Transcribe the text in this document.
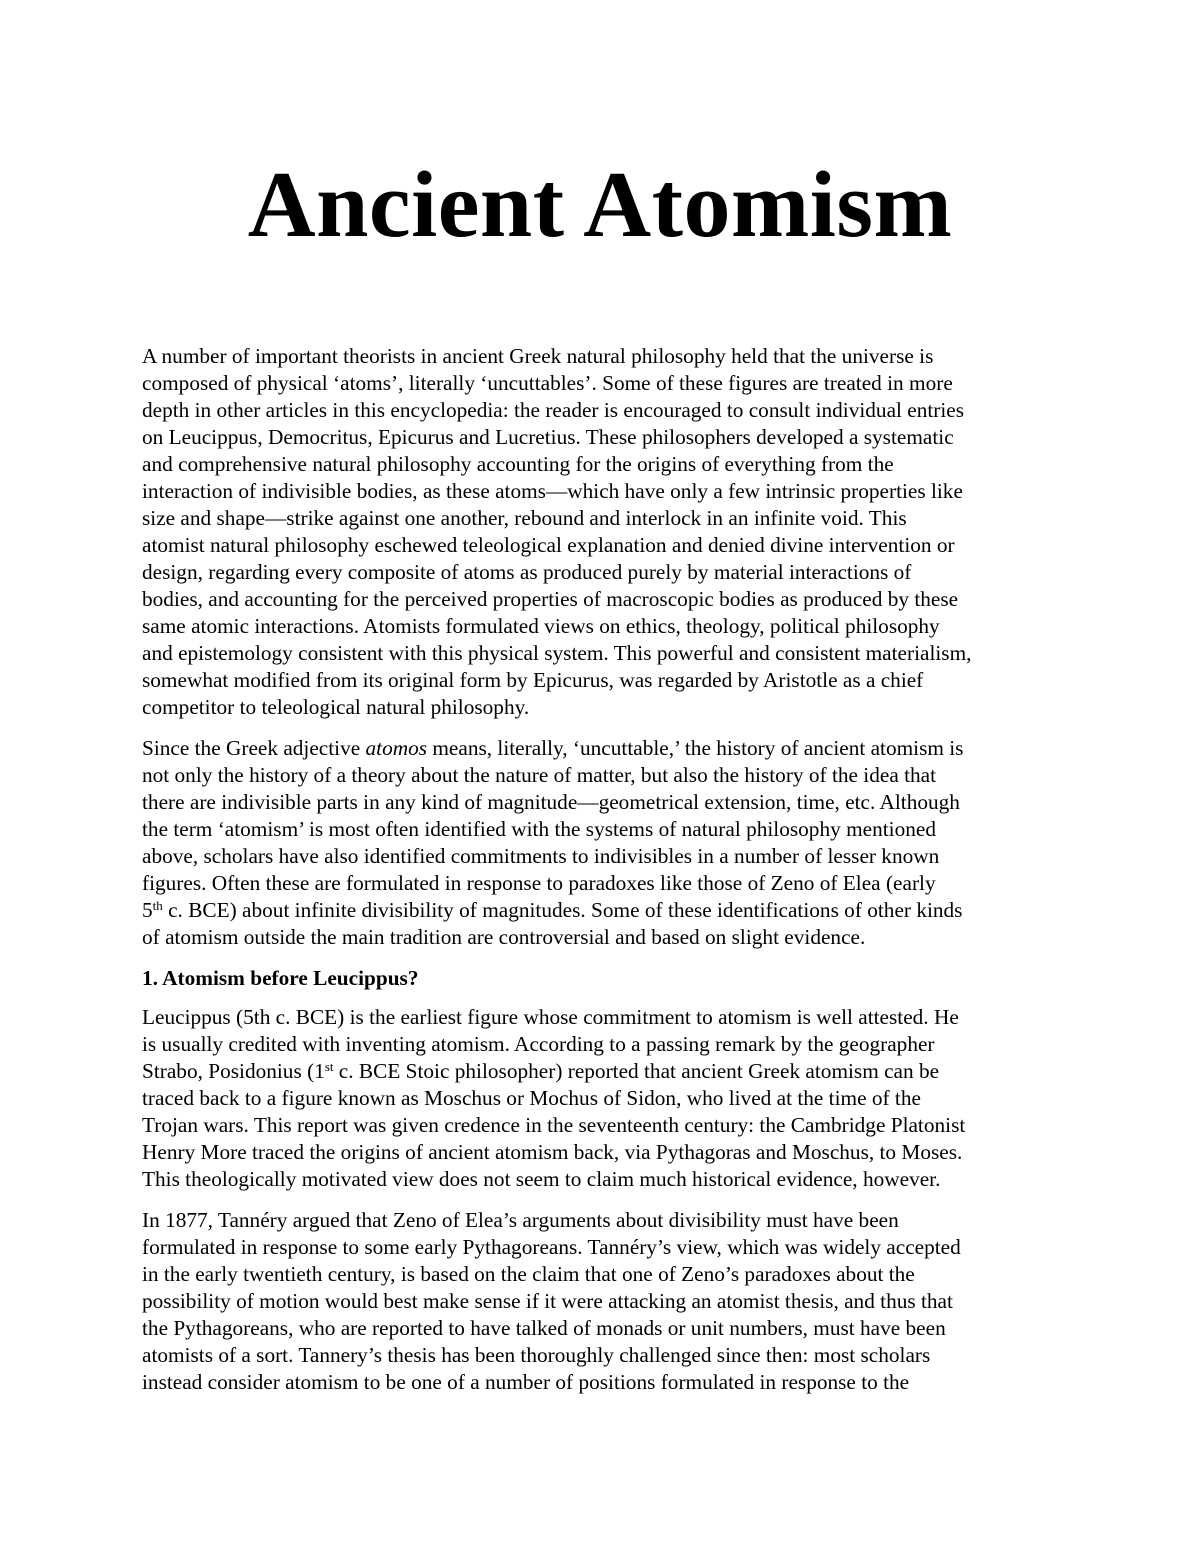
Ancient Atomism

A number of important theorists in ancient Greek natural philosophy held that the universe is
composed of physical ‘atoms’, literally ‘uncuttables’. Some of these figures are treated in more
depth in other articles in this encyclopedia: the reader is encouraged to consult individual entries
on Leucippus, Democritus, Epicurus and Lucretius. These philosophers developed a systematic
and comprehensive natural philosophy accounting for the origins of everything from the
interaction of indivisible bodies, as these atoms—which have only a few intrinsic properties like
size and shape—strike against one another, rebound and interlock in an infinite void. This
atomist natural philosophy eschewed teleological explanation and denied divine intervention or
design, regarding every composite of atoms as produced purely by material interactions of
bodies, and accounting for the perceived properties of macroscopic bodies as produced by these
same atomic interactions. Atomists formulated views on ethics, theology, political philosophy
and epistemology consistent with this physical system. This powerful and consistent materialism,
somewhat modified from its original form by Epicurus, was regarded by Aristotle as a chief
competitor to teleological natural philosophy.

Since the Greek adjective atomos means, literally, ‘uncuttable,’ the history of ancient atomism is
not only the history of a theory about the nature of matter, but also the history of the idea that
there are indivisible parts in any kind of magnitude—geometrical extension, time, etc. Although
the term ‘atomism’ is most often identified with the systems of natural philosophy mentioned
above, scholars have also identified commitments to indivisibles in a number of lesser known
figures. Often these are formulated in response to paradoxes like those of Zeno of Elea (early
5th c. BCE) about infinite divisibility of magnitudes. Some of these identifications of other kinds
of atomism outside the main tradition are controversial and based on slight evidence.

1. Atomism before Leucippus?

Leucippus (5th c. BCE) is the earliest figure whose commitment to atomism is well attested. He
is usually credited with inventing atomism. According to a passing remark by the geographer
Strabo, Posidonius (1st c. BCE Stoic philosopher) reported that ancient Greek atomism can be
traced back to a figure known as Moschus or Mochus of Sidon, who lived at the time of the
Trojan wars. This report was given credence in the seventeenth century: the Cambridge Platonist
Henry More traced the origins of ancient atomism back, via Pythagoras and Moschus, to Moses.
This theologically motivated view does not seem to claim much historical evidence, however.

In 1877, Tannéry argued that Zeno of Elea’s arguments about divisibility must have been
formulated in response to some early Pythagoreans. Tannéry’s view, which was widely accepted
in the early twentieth century, is based on the claim that one of Zeno’s paradoxes about the
possibility of motion would best make sense if it were attacking an atomist thesis, and thus that
the Pythagoreans, who are reported to have talked of monads or unit numbers, must have been
atomists of a sort. Tannery’s thesis has been thoroughly challenged since then: most scholars
instead consider atomism to be one of a number of positions formulated in response to the
